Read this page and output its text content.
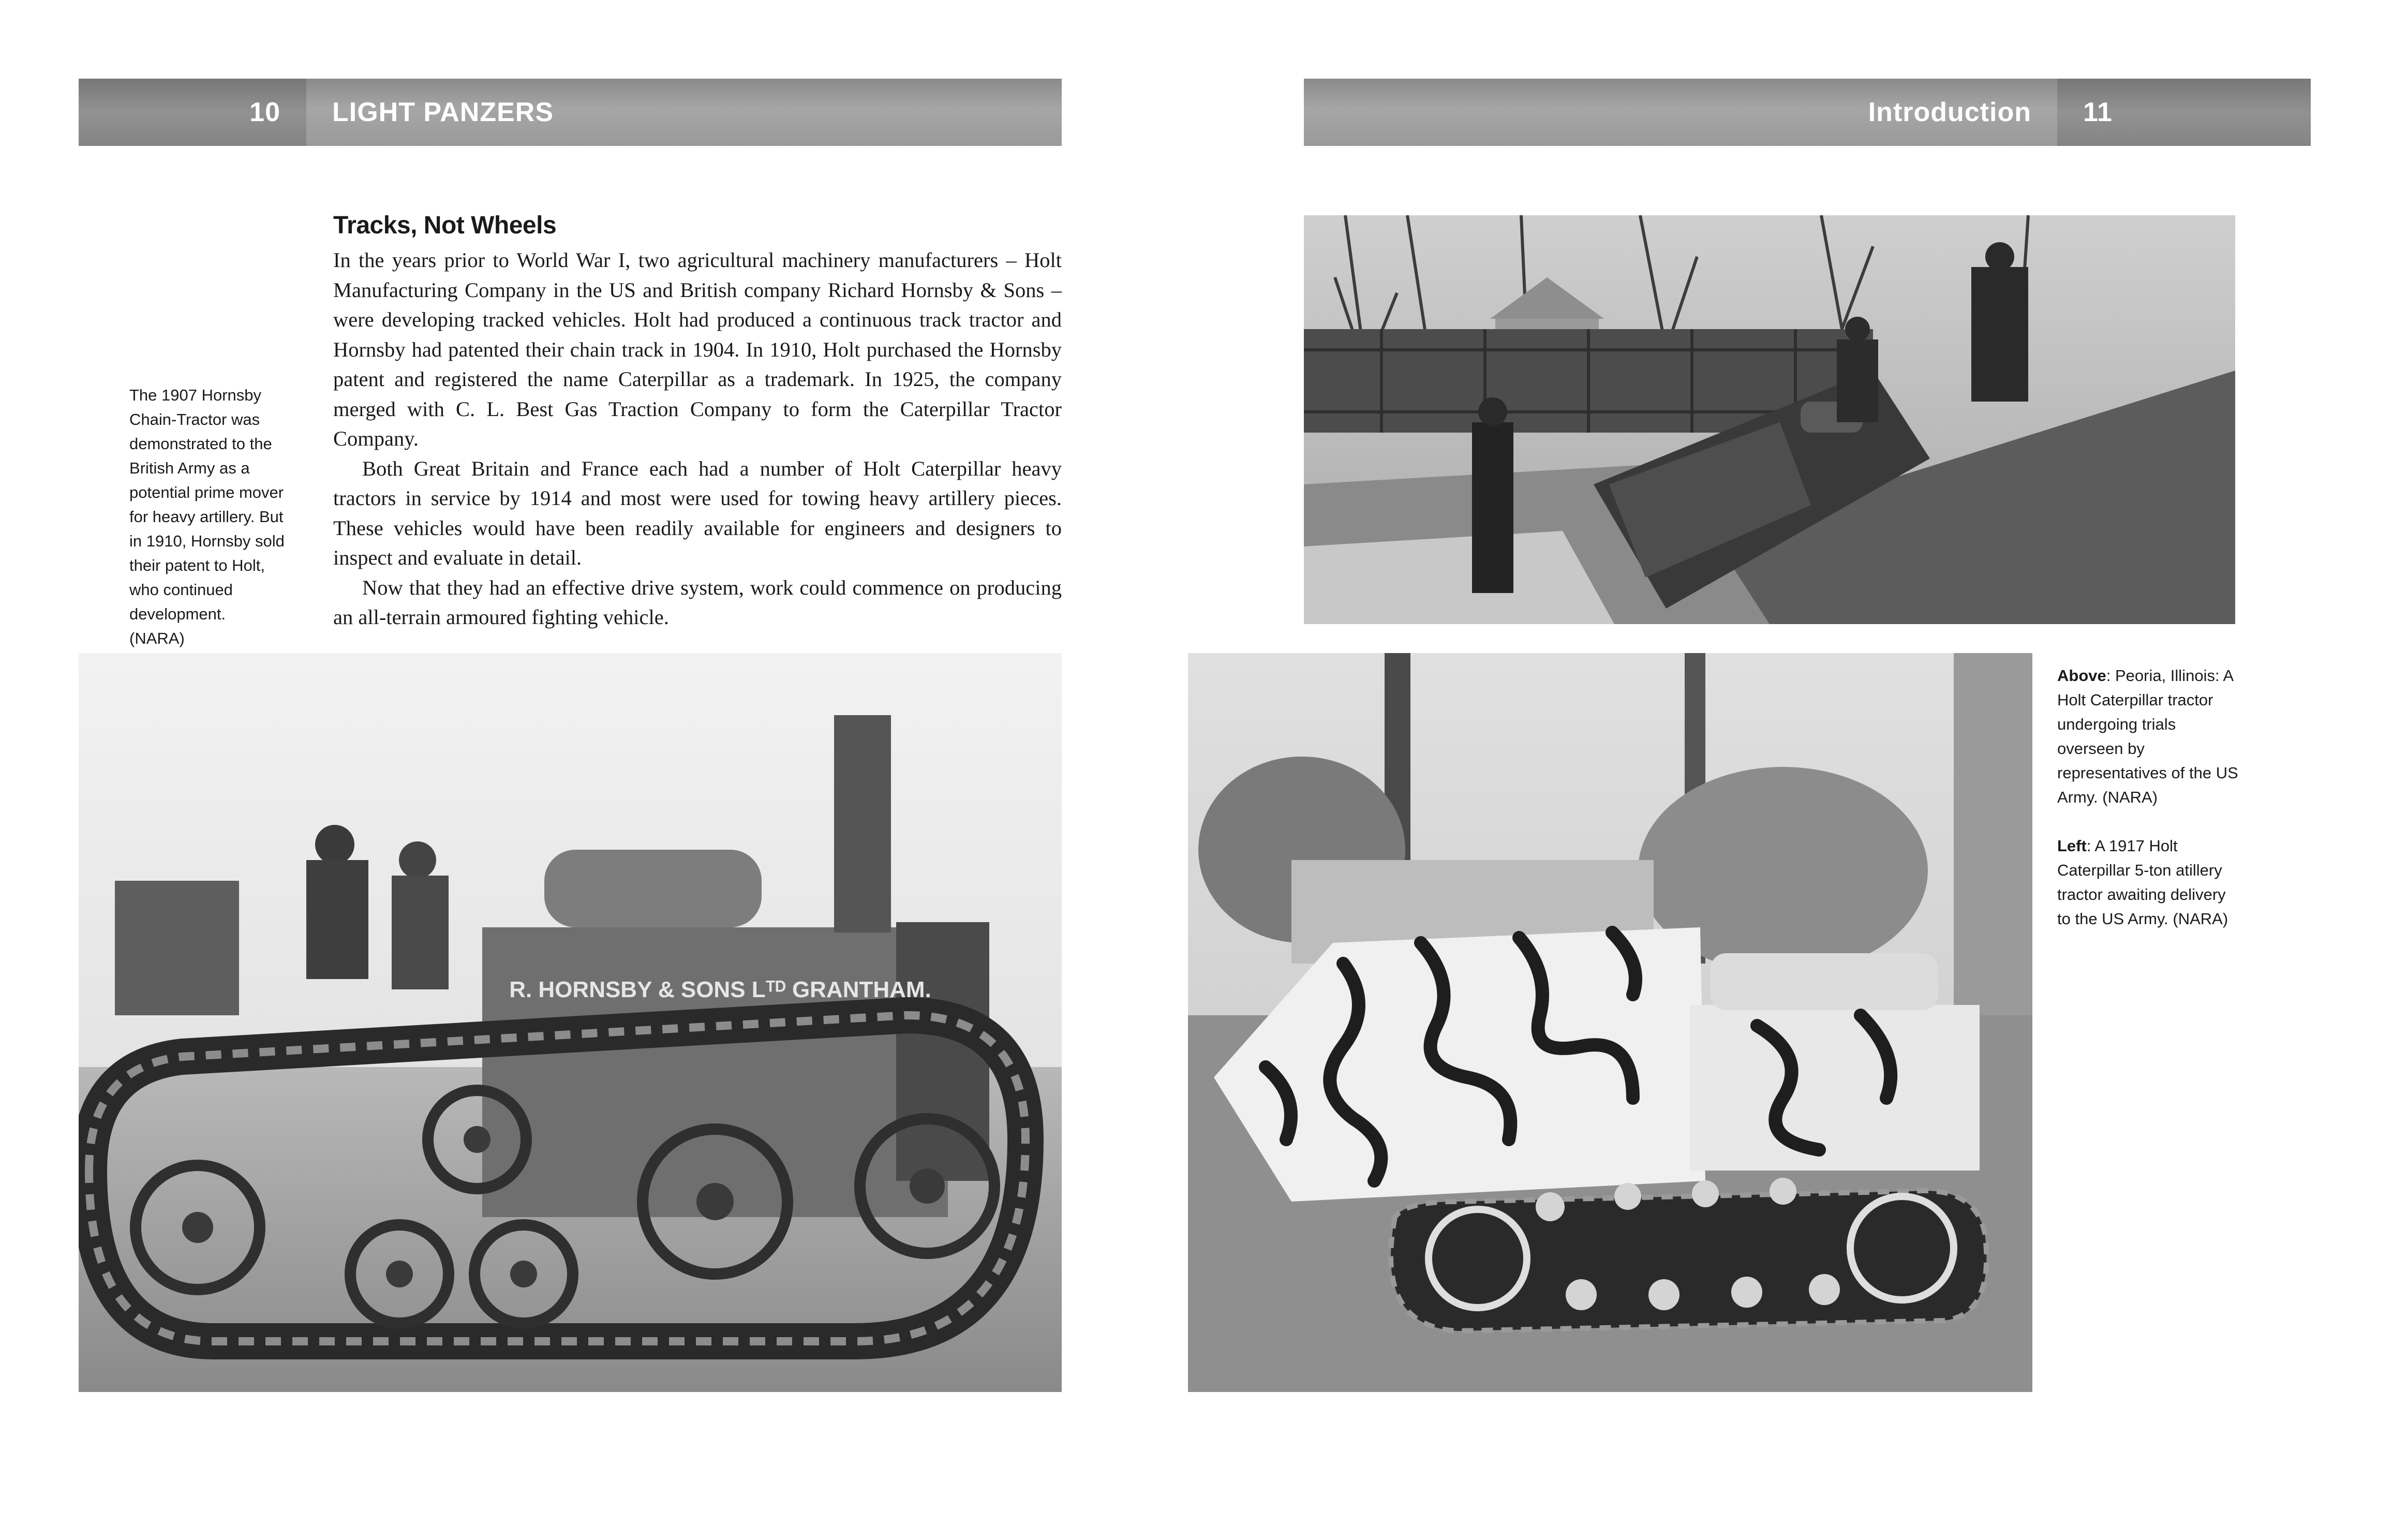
10 LIGHT PANZERS	Introduction 11
Tracks, Not Wheels

In the years prior to World War I, two agricultural machinery manufacturers – Holt Manufacturing Company in the US and British company Richard Hornsby & Sons – were developing tracked vehicles. Holt had produced a continuous track tractor and Hornsby had patented their chain track in 1904. In 1910, Holt purchased the Hornsby patent and registered the name Caterpillar as a trademark. In 1925, the company merged with C. L. Best Gas Traction Company to form the Caterpillar Tractor Company.

Both Great Britain and France each had a number of Holt Caterpillar heavy tractors in service by 1914 and most were used for towing heavy artillery pieces. These vehicles would have been readily available for engineers and designers to inspect and evaluate in detail.

Now that they had an effective drive system, work could commence on producing an all-terrain armoured fighting vehicle.

The 1907 Hornsby Chain-Tractor was demonstrated to the British Army as a potential prime mover for heavy artillery. But in 1910, Hornsby sold their patent to Holt, who continued development. (NARA)

Above: Peoria, Illinois: A Holt Caterpillar tractor undergoing trials overseen by representatives of the US Army. (NARA)

Left: A 1917 Holt Caterpillar 5-ton atillery tractor awaiting delivery to the US Army. (NARA)

R. HORNSBY & SONS Lᵀᴰ GRANTHAM.
